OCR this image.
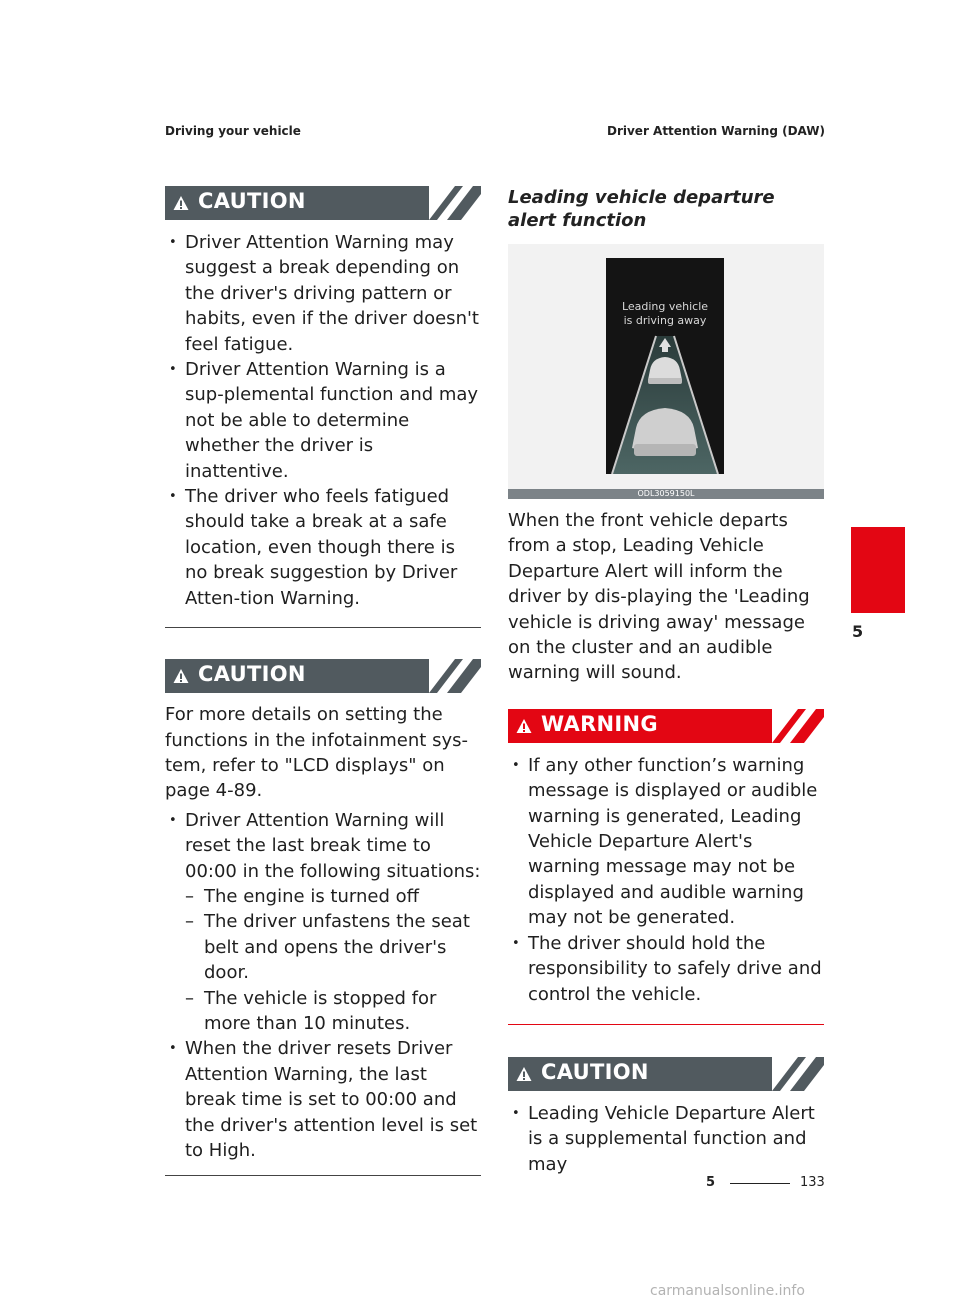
Driving your vehicle	Driver Attention Warning (DAW)
CAUTION
• Driver Attention Warning may suggest a break depending on the driver's driving pattern or habits, even if the driver doesn't feel fatigue.
• Driver Attention Warning is a sup-plemental function and may not be able to determine whether the driver is inattentive.
• The driver who feels fatigued should take a break at a safe location, even though there is no break suggestion by Driver Atten-tion Warning.
CAUTION

For more details on setting the functions in the infotainment sys-tem, refer to "LCD displays" on page 4-89.

• Driver Attention Warning will reset the last break time to 00:00 in the following situations:
– The engine is turned off
– The driver unfastens the seat belt and opens the driver's door.
– The vehicle is stopped for more than 10 minutes.
• When the driver resets Driver Attention Warning, the last break time is set to 00:00 and the driver's attention level is set to High.
Leading vehicle departure alert function
Leading vehicle
is driving away
ODL3059150L

When the front vehicle departs from a stop, Leading Vehicle Departure Alert will inform the driver by dis-playing the 'Leading vehicle is driving away' message on the cluster and an audible warning will sound.

WARNING
• If any other function’s warning message is displayed or audible warning is generated, Leading Vehicle Departure Alert's warning message may not be displayed and audible warning may not be generated.
• The driver should hold the responsibility to safely drive and control the vehicle.
CAUTION
• Leading Vehicle Departure Alert is a supplemental function and may
5
5	133
carmanualsonline.info
